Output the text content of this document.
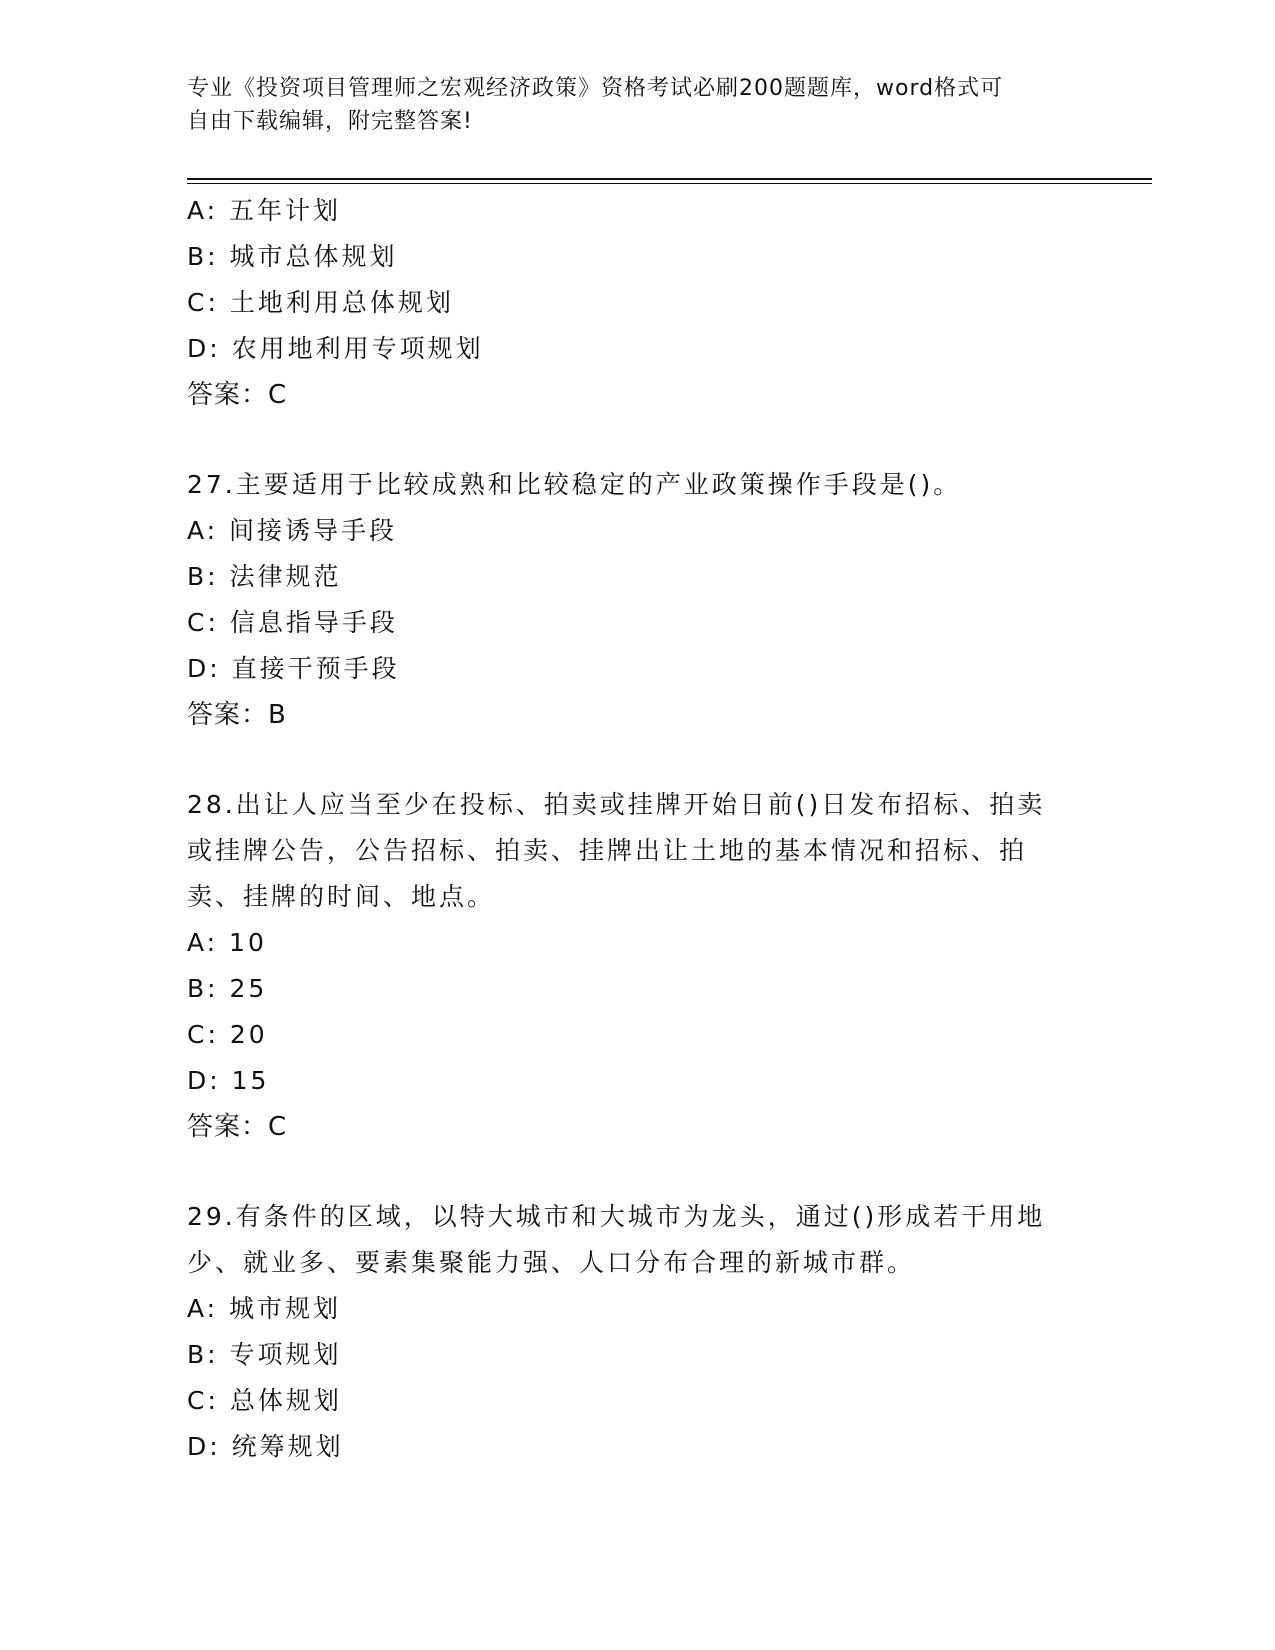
专业《投资项目管理师之宏观经济政策》资格考试必刷200题题库，word格式可
自由下载编辑，附完整答案!
A: 五年计划
B: 城市总体规划
C: 土地利用总体规划
D: 农用地利用专项规划
答案：C
27.主要适用于比较成熟和比较稳定的产业政策操作手段是()。
A: 间接诱导手段
B: 法律规范
C: 信息指导手段
D: 直接干预手段
答案：B
28.出让人应当至少在投标、拍卖或挂牌开始日前()日发布招标、拍卖
或挂牌公告，公告招标、拍卖、挂牌出让土地的基本情况和招标、拍
卖、挂牌的时间、地点。
A: 10
B: 25
C: 20
D: 15
答案：C
29.有条件的区域，以特大城市和大城市为龙头，通过()形成若干用地
少、就业多、要素集聚能力强、人口分布合理的新城市群。
A: 城市规划
B: 专项规划
C: 总体规划
D: 统筹规划
